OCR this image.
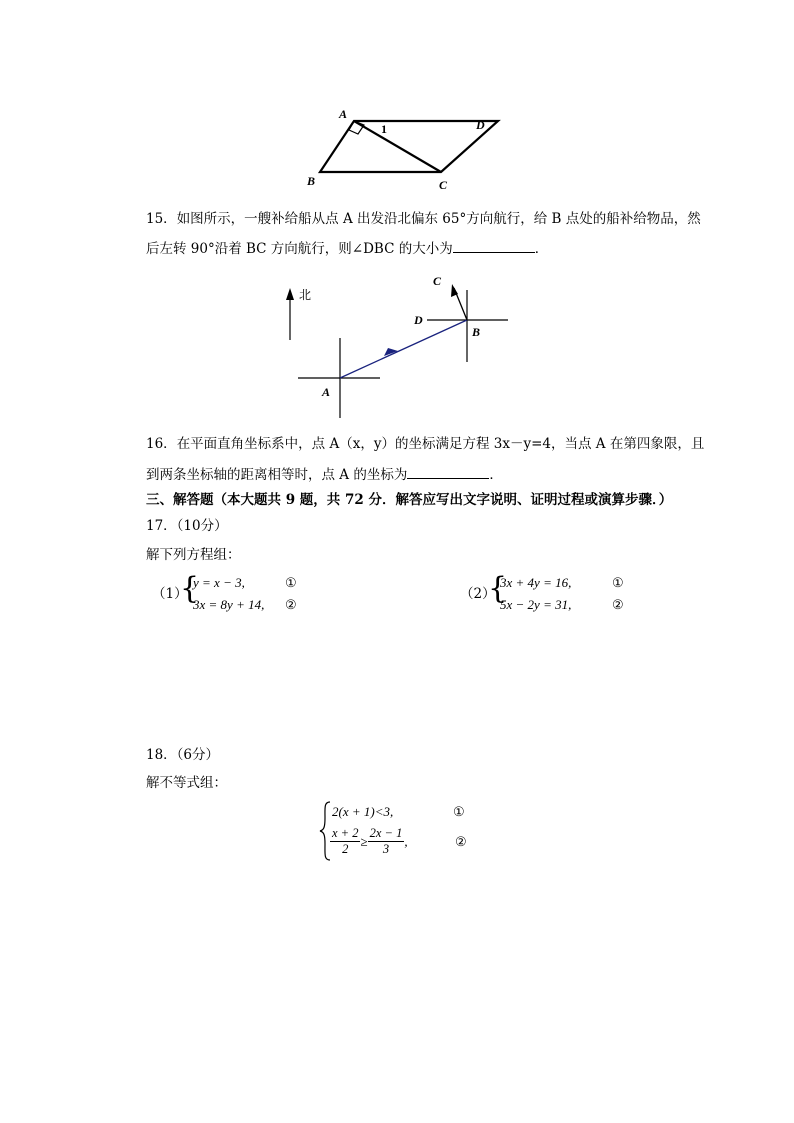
A
D
B	C
1
15．如图所示，一艘补给船从点 A 出发沿北偏东 65°方向航行，给 B 点处的船补给物品，然
后左转 90°沿着 BC 方向航行，则∠DBC 的大小为	．
北
A
B
C
D
16．在平面直角坐标系中，点 A（x，y）的坐标满足方程 3x－y=4，当点 A 在第四象限，且
到两条坐标轴的距离相等时，点 A 的坐标为	．
三、解答题（本大题共 9 题，共 72 分．解答应写出文字说明、证明过程或演算步骤．）
17．（10分）
解下列方程组：
（1）
{
y = x − 3,
3x = 8y + 14,
①
②
（2）
{
3x + 4y = 16,
5x − 2y = 31,
①
②
18．（6分）
解不等式组：
2(x + 1)<3,	①
$\frac{x + 2}{2} \ge \frac{2x - 1}{3}$ ,	②
